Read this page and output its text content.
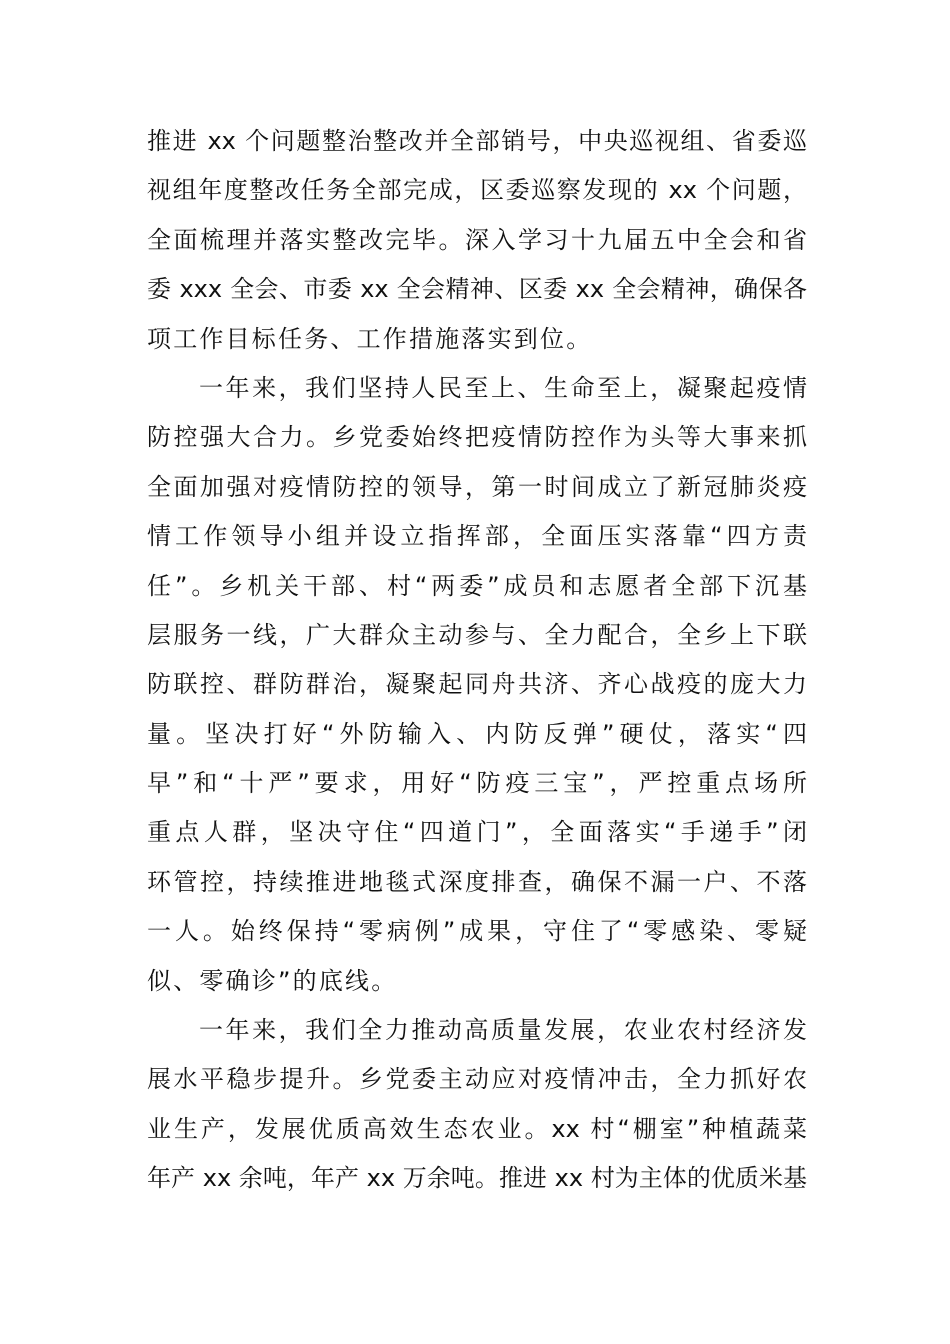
推进 xx 个问题整治整改并全部销号，中央巡视组、省委巡
视组年度整改任务全部完成，区委巡察发现的 xx 个问题，
全面梳理并落实整改完毕。深入学习十九届五中全会和省
委 xxx 全会、市委 xx 全会精神、区委 xx 全会精神，确保各
项工作目标任务、工作措施落实到位。
一年来，我们坚持人民至上、生命至上，凝聚起疫情
防控强大合力。乡党委始终把疫情防控作为头等大事来抓
全面加强对疫情防控的领导，第一时间成立了新冠肺炎疫
情工作领导小组并设立指挥部，全面压实落靠“四方责
任”。乡机关干部、村“两委”成员和志愿者全部下沉基
层服务一线，广大群众主动参与、全力配合，全乡上下联
防联控、群防群治，凝聚起同舟共济、齐心战疫的庞大力
量。坚决打好“外防输入、内防反弹”硬仗，落实“四
早”和“十严”要求，用好“防疫三宝”，严控重点场所
重点人群，坚决守住“四道门”，全面落实“手递手”闭
环管控，持续推进地毯式深度排查，确保不漏一户、不落
一人。始终保持“零病例”成果，守住了“零感染、零疑
似、零确诊”的底线。
一年来，我们全力推动高质量发展，农业农村经济发
展水平稳步提升。乡党委主动应对疫情冲击，全力抓好农
业生产，发展优质高效生态农业。xx 村“棚室”种植蔬菜
年产 xx 余吨，年产 xx 万余吨。推进 xx 村为主体的优质米基
